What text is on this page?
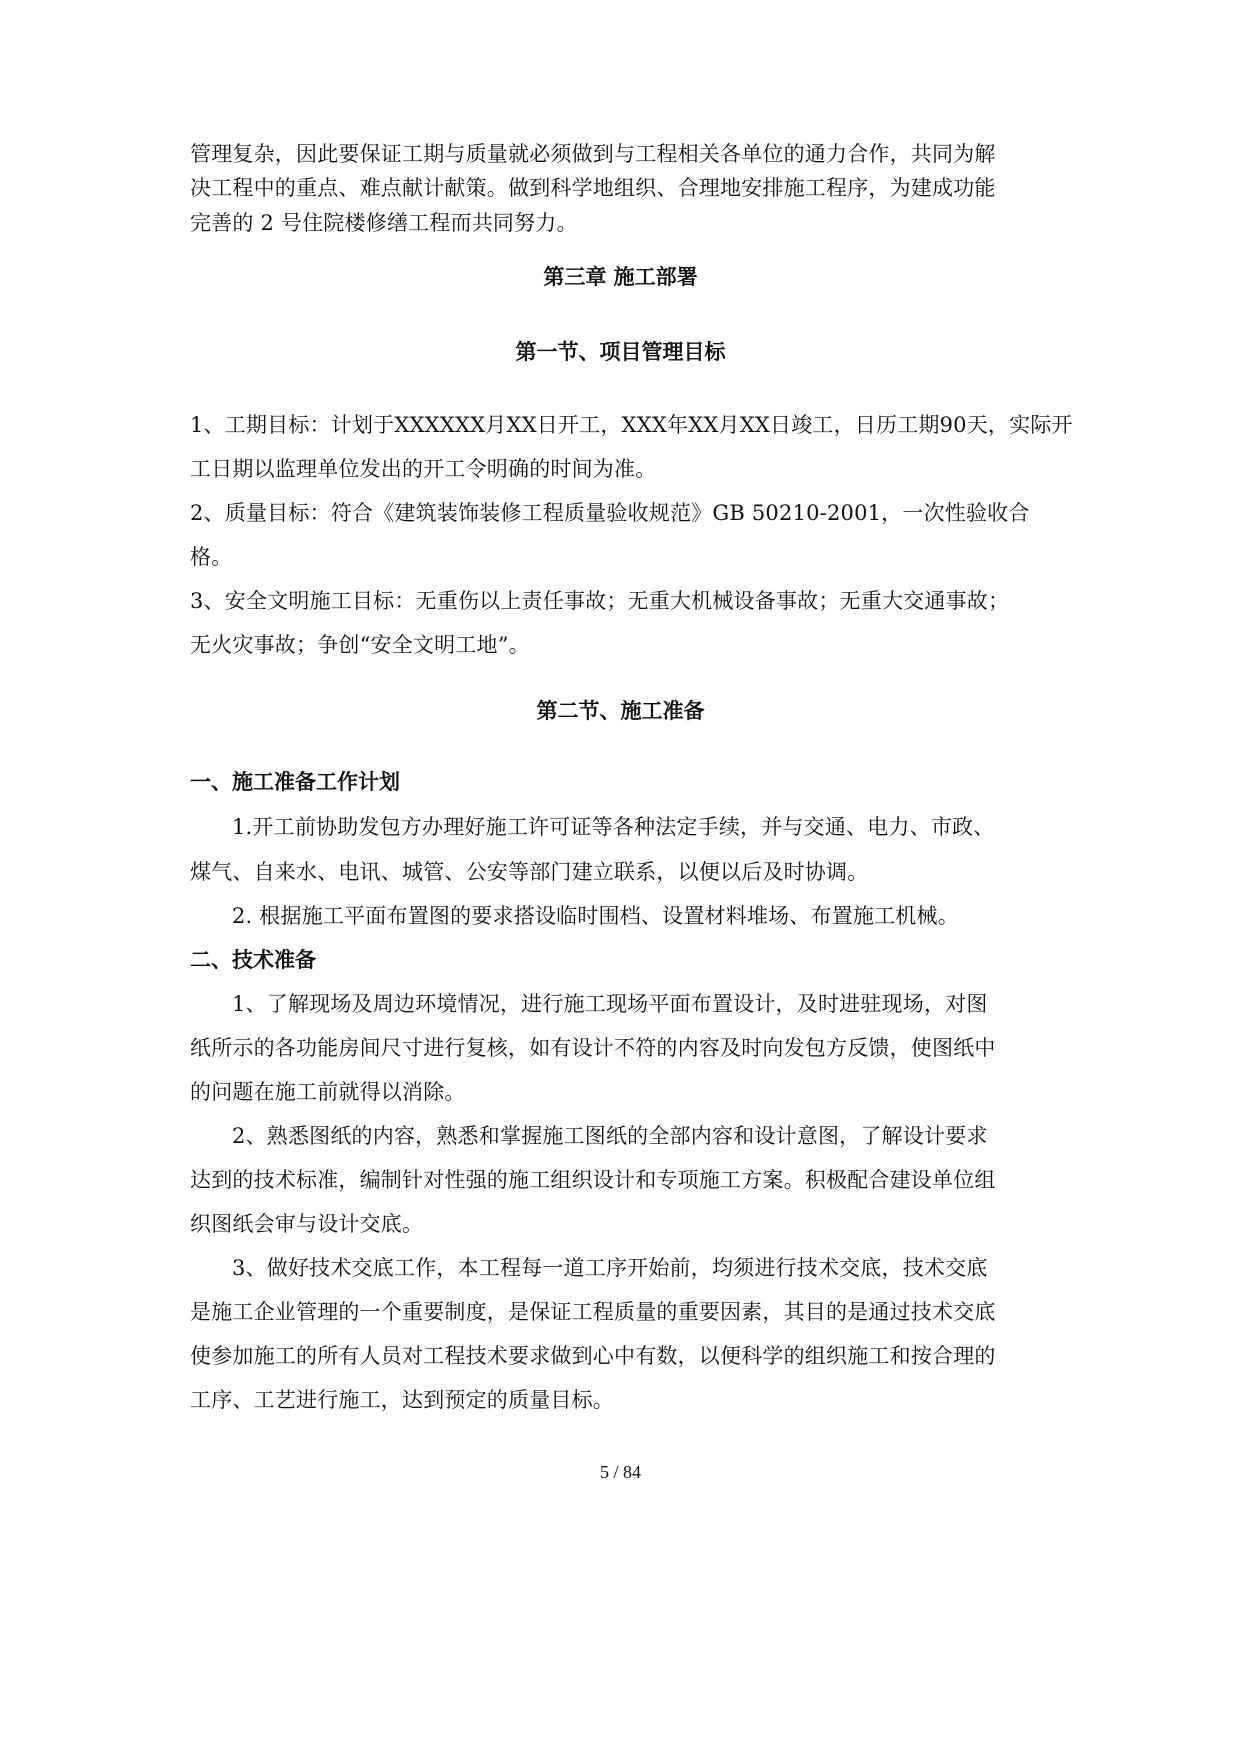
管理复杂，因此要保证工期与质量就必须做到与工程相关各单位的通力合作，共同为解
决工程中的重点、难点献计献策。做到科学地组织、合理地安排施工程序，为建成功能
完善的 2 号住院楼修缮工程而共同努力。
第三章 施工部署
第一节、项目管理目标
1、工期目标：计划于XXXXXX月XX日开工，XXX年XX月XX日竣工，日历工期90天，实际开
工日期以监理单位发出的开工令明确的时间为准。
2、质量目标：符合《建筑装饰装修工程质量验收规范》GB 50210-2001，一次性验收合
格。
3、安全文明施工目标：无重伤以上责任事故；无重大机械设备事故；无重大交通事故；
无火灾事故；争创“安全文明工地”。
第二节、施工准备
一、施工准备工作计划
1.开工前协助发包方办理好施工许可证等各种法定手续，并与交通、电力、市政、
煤气、自来水、电讯、城管、公安等部门建立联系，以便以后及时协调。
2. 根据施工平面布置图的要求搭设临时围档、设置材料堆场、布置施工机械。
二、技术准备
1、了解现场及周边环境情况，进行施工现场平面布置设计，及时进驻现场，对图
纸所示的各功能房间尺寸进行复核，如有设计不符的内容及时向发包方反馈，使图纸中
的问题在施工前就得以消除。
2、熟悉图纸的内容，熟悉和掌握施工图纸的全部内容和设计意图，了解设计要求
达到的技术标准，编制针对性强的施工组织设计和专项施工方案。积极配合建设单位组
织图纸会审与设计交底。
3、做好技术交底工作，本工程每一道工序开始前，均须进行技术交底，技术交底
是施工企业管理的一个重要制度，是保证工程质量的重要因素，其目的是通过技术交底
使参加施工的所有人员对工程技术要求做到心中有数，以便科学的组织施工和按合理的
工序、工艺进行施工，达到预定的质量目标。
5 / 84
